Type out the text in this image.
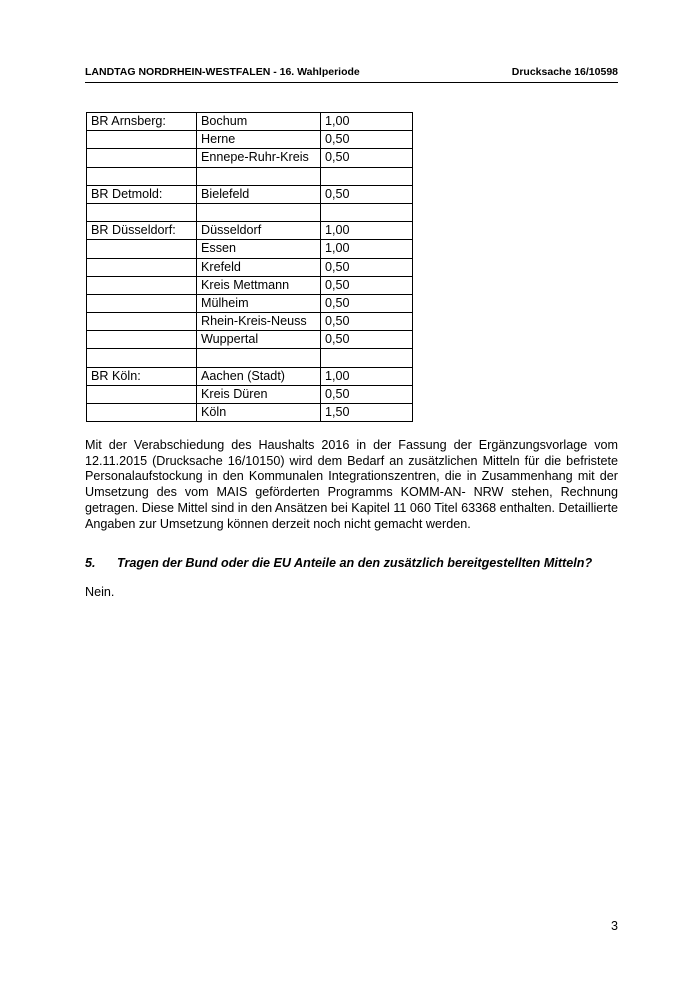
LANDTAG NORDRHEIN-WESTFALEN - 16. Wahlperiode	Drucksache 16/10598
BR Arnsberg:	Bochum	1,00
	Herne	0,50
	Ennepe-Ruhr-Kreis	0,50

BR Detmold:	Bielefeld	0,50

BR Düsseldorf:	Düsseldorf	1,00
	Essen	1,00
	Krefeld	0,50
	Kreis Mettmann	0,50
	Mülheim	0,50
	Rhein-Kreis-Neuss	0,50
	Wuppertal	0,50

BR Köln:	Aachen (Stadt)	1,00
	Kreis Düren	0,50
	Köln	1,50
Mit der Verabschiedung des Haushalts 2016 in der Fassung der Ergänzungsvorlage vom 12.11.2015 (Drucksache 16/10150) wird dem Bedarf an zusätzlichen Mitteln für die befristete Personalaufstockung in den Kommunalen Integrationszentren, die in Zusammenhang mit der Umsetzung des vom MAIS geförderten Programms KOMM-AN- NRW stehen, Rechnung getragen. Diese Mittel sind in den Ansätzen bei Kapitel 11 060 Titel 63368 enthalten. Detaillierte Angaben zur Umsetzung können derzeit noch nicht gemacht werden.
5. Tragen der Bund oder die EU Anteile an den zusätzlich bereitgestellten Mitteln?
Nein.
3
